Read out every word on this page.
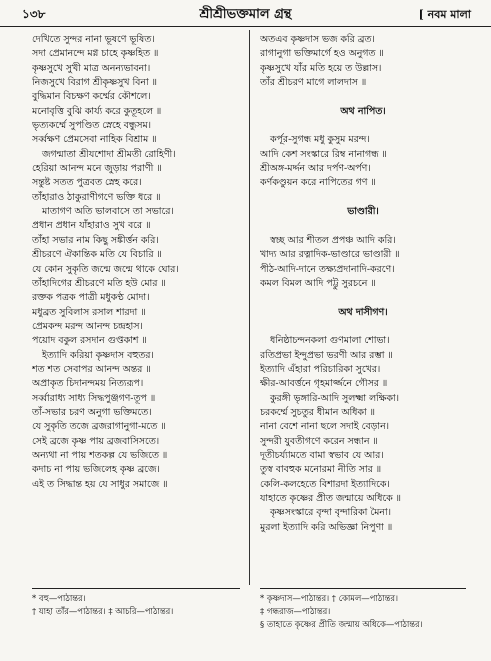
১৩৮	শ্রীশ্রীভক্তমাল গ্রন্থ	[ নবম মালা
দেখিতে সুন্দর নানা ভূষণে ভূষিত।
সদা প্রেমানন্দে মগ্ন চাহে কৃষ্ণহিত ॥
কৃষ্ণসুখে সুখী মাত্র অনন্যভাবনা।
নিজসুখে বিরাগ শ্রীকৃষ্ণসুখ বিনা ॥
বুদ্ধিমান বিচক্ষণ কর্ম্মের কৌশলে।
মনোবৃত্তি বুঝি কার্য্য করে কুতূহলে ॥
ভৃত্যকর্ম্মে সুপণ্ডিত স্নেহে বন্ধুসম।
সর্ব্বক্ষণ প্রেমসেবা নাহিক বিশ্রাম ॥
জগন্মাতা শ্রীযশোদা শ্রীমতী রোহিণী।
হেরিয়া আনন্দ মনে জুড়ায় পরাণী ॥
সন্তুষ্ট সতত পুত্রবত স্নেহ করে।
তাঁহারাও ঠাকুরাণীগণে ভক্তি ধরে ॥
মাতাগণ অতি ভালবাসে তা সভারে।
প্রধান প্রধান যাঁহারাও সুখ বরে ॥
তাঁহা সভার নাম কিছু সঙ্কীর্ত্তন করি।
শ্রীচরণে ঐকান্তিক মতি যে বিচারি ॥
যে কোন সুকৃতি জন্মে জন্মে থাকে ঘোর।
তাঁহাদিগের শ্রীচরণে মতি হউ মোর ॥
রক্তক পত্রক পাত্রী মধুকণ্ঠ মোদা।
মধুব্রত সুবিলাস রসাল শারদা ॥
প্রেমকন্দ মরন্দ আনন্দ চন্দ্রহাস।
পয়োদ বকুল রসদান গুপ্তকাশ ॥
ইত্যাদি করিয়া কৃষ্ণদাস বহুতর।
শত শত সেবাপর আনন্দ অন্তর ॥
অপ্রাকৃত চিদানন্দময় নিত্যরূপ।
সর্ব্বারাধ্য সাধ্য সিদ্ধপুঞ্জগণ-তূপ ॥
তাঁ-সভার চরণ অনুগা ভক্তিমতে।
যে সুকৃতি তজে ব্রজরাগানুগা-মতে ॥
সেই ব্রজে কৃষ্ণ পায় ব্রজবাসিসতে।
অন্যথা না পায় শতকল্প যে ভজিতে ॥
কদাচ না পায় ভজিলেহ কৃষ্ণ ব্রজে।
এই ত সিদ্ধান্ত হয় যে সাধুর সমাজে ॥
অতএব কৃষ্ণদাস ভজ করি ব্রত।
রাগানুগা ভক্তিমার্গে হও অনুগত ॥
কৃষ্ণসুখে যাঁর মতি হয়ে ত উল্লাস।
তাঁর শ্রীচরণ মাগে লালদাস ॥
অথ নাপিত।
কর্পূর-সুগন্ধ মধু কুসুম মরন্দ।
আদি কেশ সংস্কারে রিম্ব নানাগন্ধ ॥
শ্রীঅঙ্গ-মর্দ্দন আর দর্পণ-অর্পণ।
কর্ণকণ্ডুয়ন করে নাপিতের গণ ॥
ভাণ্ডারী।
স্বচ্ছ আর শীতল প্রপঞ্চ আদি করি।
খাদ্য আর রত্নাদিক-ভাণ্ডারে ভাণ্ডারী ॥
পীঠ-আদি-দানে তক্ষ্যপ্রদানাদি-করণে।
কমল বিমল আদি পট্টু সুরচনে ॥
অথ দাসীগণ।
ধনিষ্ঠাচন্দনকলা গুণমালা শোভা।
রতিপ্রভা ইন্দুপ্রভা ভরণী আর রম্ভা ॥
ইত্যাদি এঁহারা পরিচারিকা সুখের।
ক্ষীর-আবর্ত্তনে গৃহমার্জ্জনে গৌসর ॥
কুরঙ্গী ভৃঙ্গারি-আদি সুলক্ষ্মা লক্ষিকা।
চরকর্ম্মে সুচতুর ধীমান অধিকা ॥
নানা বেশে নানা ছলে সদাই বেড়ান।
সুন্দরী যুবতীগণে করেন সন্ধান ॥
দূতীচর্য্যামতে বামা স্বভাব যে আর।
তুস্ব বাবহুক মনোরমা নীতি সার ॥
কেলি-কলহেতে বিশারদা ইত্যাদিকে।
যাহাতে কৃষ্ণের প্রীত জন্মায়ে অধিকে ॥
কৃষ্ণসংস্কারে বৃন্দা বৃন্দারিকা মৈনা।
মুরলা ইত্যাদি করি অভিজ্ঞা নিপুণা ॥
* বহু—পাঠান্তর।
† যাহা তাঁর—পাঠান্তর। ‡ আচরি—পাঠান্তর।
* কৃষ্ণদাস—পাঠান্তর। † কোমল—পাঠান্তর।
‡ গন্ধরাজ—পাঠান্তর।
§ তাহাতে কৃষ্ণের প্রীতি জন্মায় অধিকে—পাঠান্তর।
